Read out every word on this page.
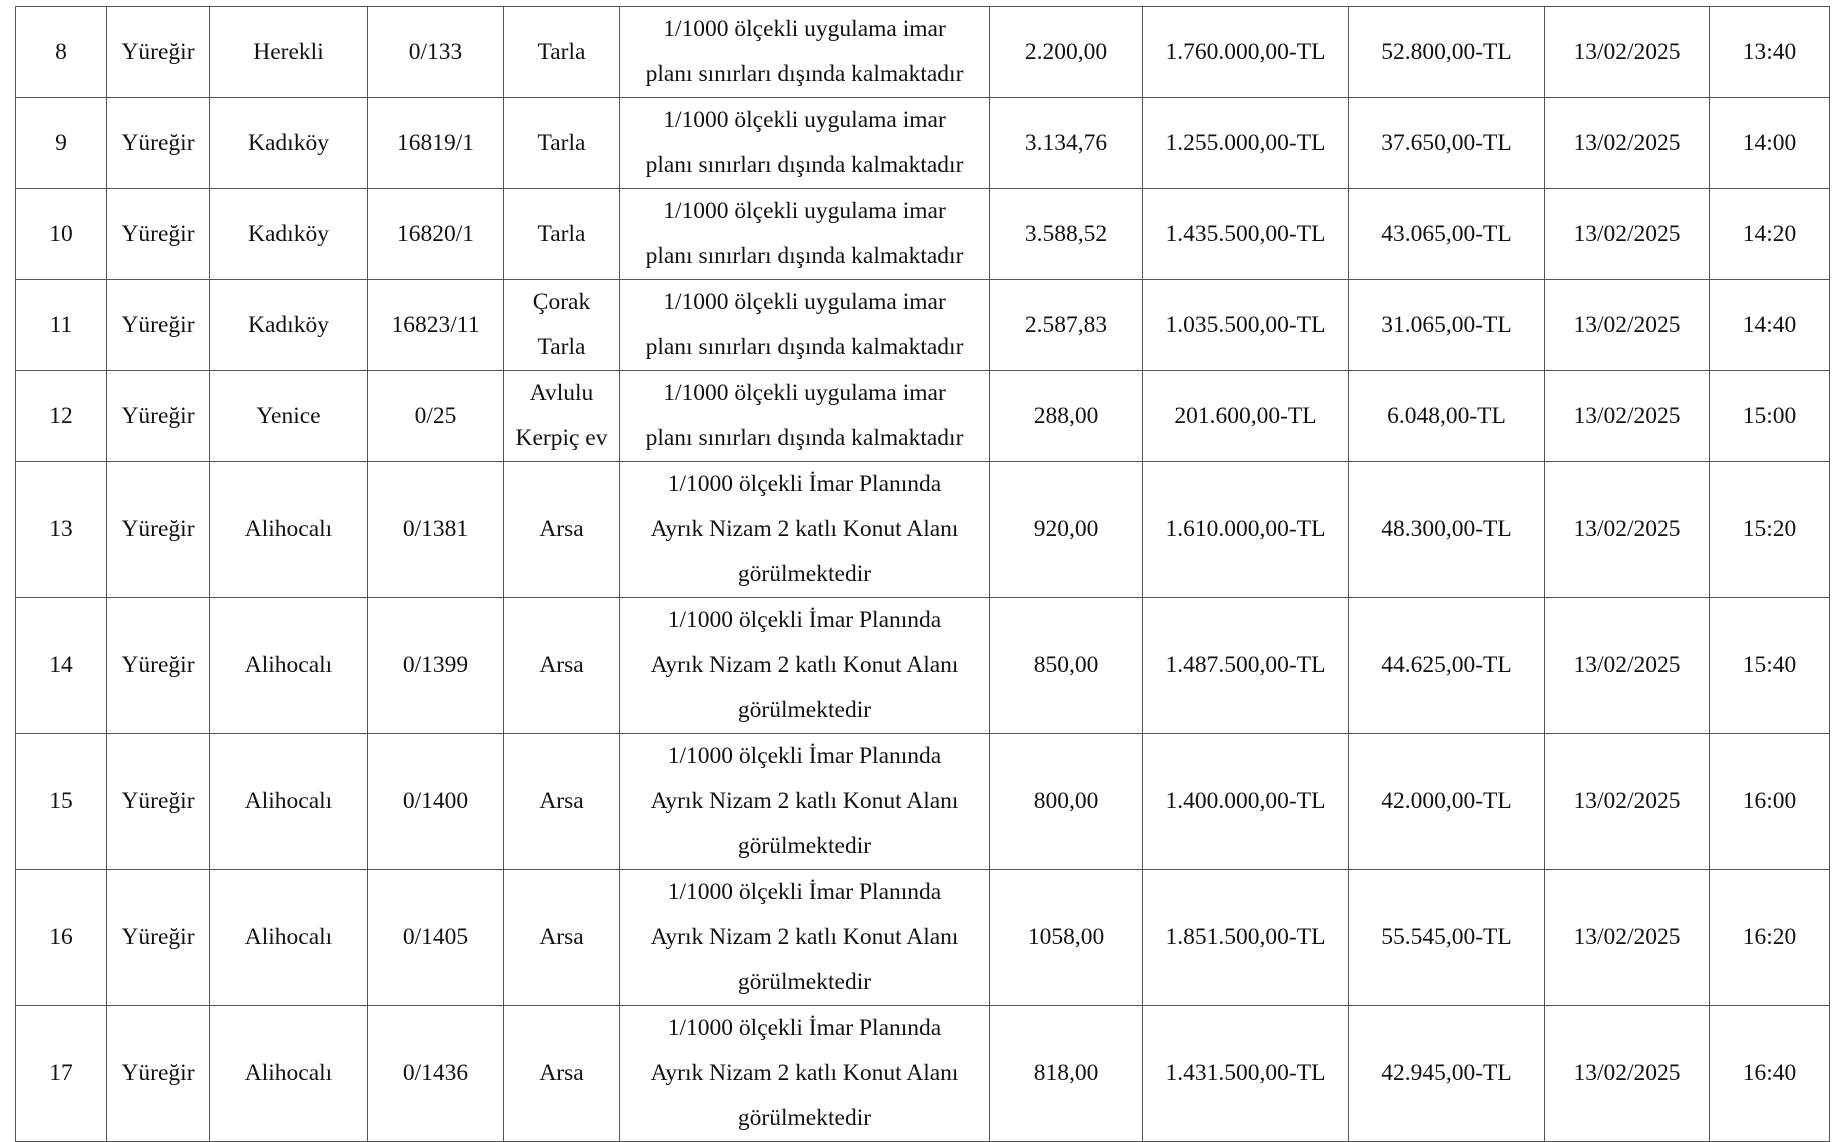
8	Yüreğir	Herekli	0/133	Tarla	1/1000 ölçekli uygulama imar
planı sınırları dışında kalmaktadır	2.200,00	1.760.000,00-TL	52.800,00-TL	13/02/2025	13:40
9	Yüreğir	Kadıköy	16819/1	Tarla	1/1000 ölçekli uygulama imar
planı sınırları dışında kalmaktadır	3.134,76	1.255.000,00-TL	37.650,00-TL	13/02/2025	14:00
10	Yüreğir	Kadıköy	16820/1	Tarla	1/1000 ölçekli uygulama imar
planı sınırları dışında kalmaktadır	3.588,52	1.435.500,00-TL	43.065,00-TL	13/02/2025	14:20
11	Yüreğir	Kadıköy	16823/11	Çorak
Tarla	1/1000 ölçekli uygulama imar
planı sınırları dışında kalmaktadır	2.587,83	1.035.500,00-TL	31.065,00-TL	13/02/2025	14:40
12	Yüreğir	Yenice	0/25	Avlulu
Kerpiç ev	1/1000 ölçekli uygulama imar
planı sınırları dışında kalmaktadır	288,00	201.600,00-TL	6.048,00-TL	13/02/2025	15:00
13	Yüreğir	Alihocalı	0/1381	Arsa	1/1000 ölçekli İmar Planında
Ayrık Nizam 2 katlı Konut Alanı
görülmektedir	920,00	1.610.000,00-TL	48.300,00-TL	13/02/2025	15:20
14	Yüreğir	Alihocalı	0/1399	Arsa	1/1000 ölçekli İmar Planında
Ayrık Nizam 2 katlı Konut Alanı
görülmektedir	850,00	1.487.500,00-TL	44.625,00-TL	13/02/2025	15:40
15	Yüreğir	Alihocalı	0/1400	Arsa	1/1000 ölçekli İmar Planında
Ayrık Nizam 2 katlı Konut Alanı
görülmektedir	800,00	1.400.000,00-TL	42.000,00-TL	13/02/2025	16:00
16	Yüreğir	Alihocalı	0/1405	Arsa	1/1000 ölçekli İmar Planında
Ayrık Nizam 2 katlı Konut Alanı
görülmektedir	1058,00	1.851.500,00-TL	55.545,00-TL	13/02/2025	16:20
17	Yüreğir	Alihocalı	0/1436	Arsa	1/1000 ölçekli İmar Planında
Ayrık Nizam 2 katlı Konut Alanı
görülmektedir	818,00	1.431.500,00-TL	42.945,00-TL	13/02/2025	16:40
